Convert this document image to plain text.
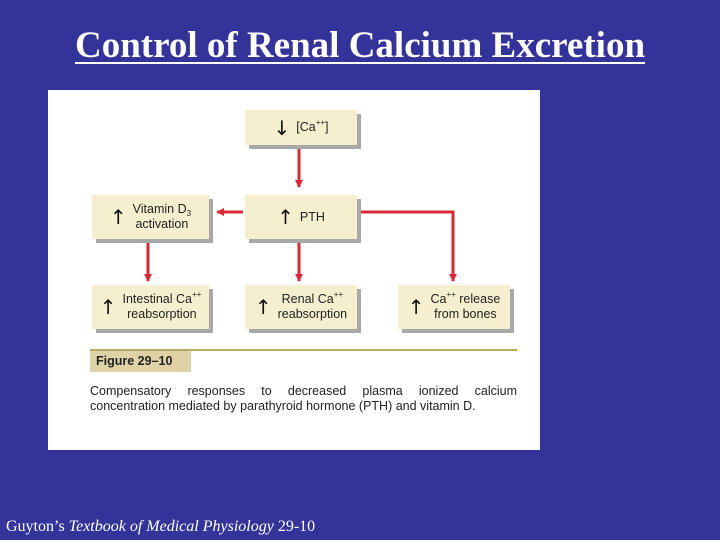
Control of Renal Calcium Excretion
↓ [Ca++]
↑ Vitamin $D_3$
activation	↑ PTH
↑ Intestinal Ca++
reabsorption	↑ Renal Ca++
reabsorption	↑ Ca++ release
from bones
Figure 29–10
Compensatory responses to decreased plasma ionized calcium concentration mediated by parathyroid hormone (PTH) and vitamin D.
Guyton’s Textbook of Medical Physiology 29-10
